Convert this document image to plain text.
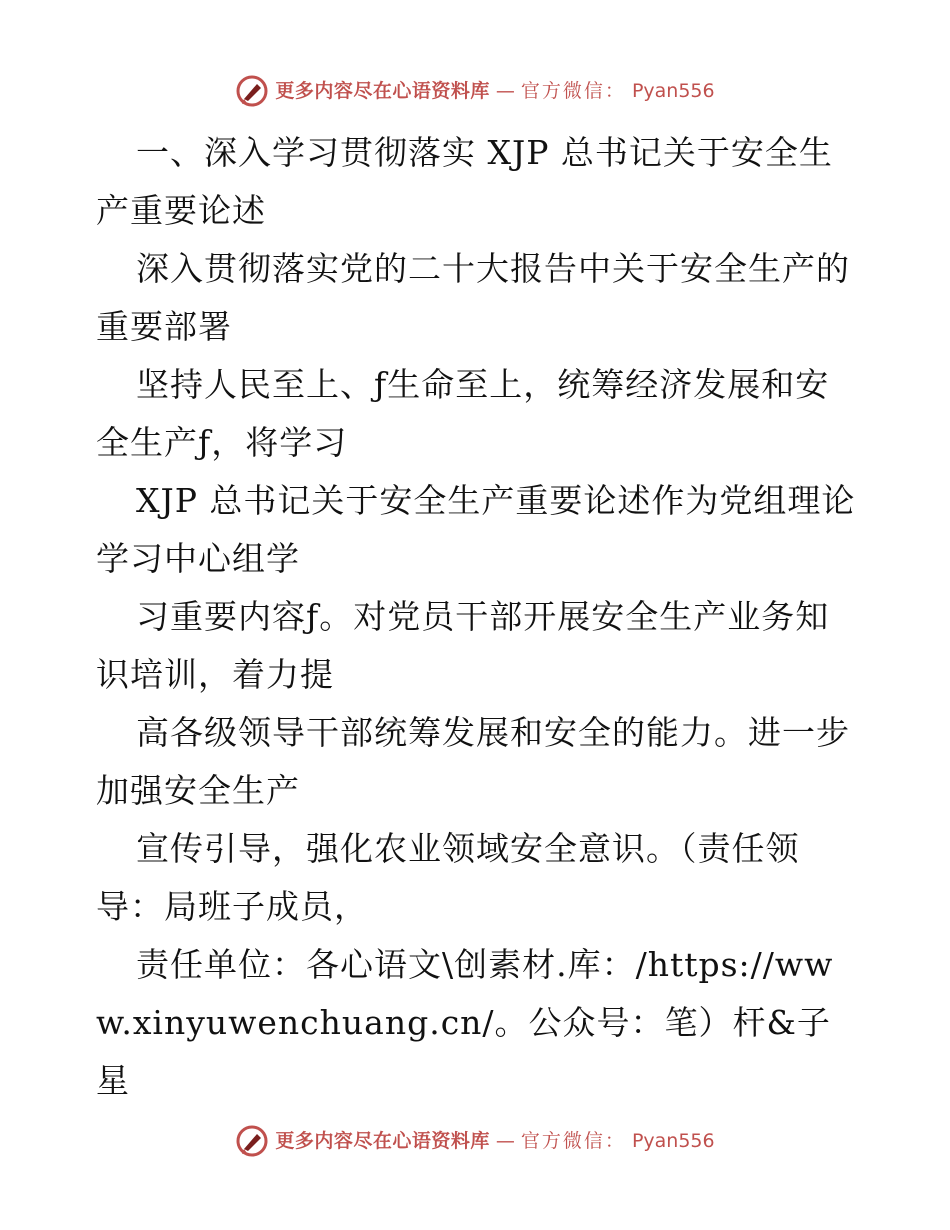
更多内容尽在心语资料库 — 官方微信： Pyan556

一、深入学习贯彻落实 XJP 总书记关于安全生产重要论述

深入贯彻落实党的二十大报告中关于安全生产的重要部署

坚持人民至上、ƒ生命至上，统筹经济发展和安全生产ƒ，将学习

XJP 总书记关于安全生产重要论述作为党组理论学习中心组学

习重要内容ƒ。对党员干部开展安全生产业务知识培训，着力提

高各级领导干部统筹发展和安全的能力。进一步加强安全生产

宣传引导，强化农业领域安全意识。（责任领导：局班子成员，

责任单位：各心语文\创素材.库：/https://www.xinyuwenchuang.cn/。公众号：笔）杆&子星

更多内容尽在心语资料库 — 官方微信： Pyan556
